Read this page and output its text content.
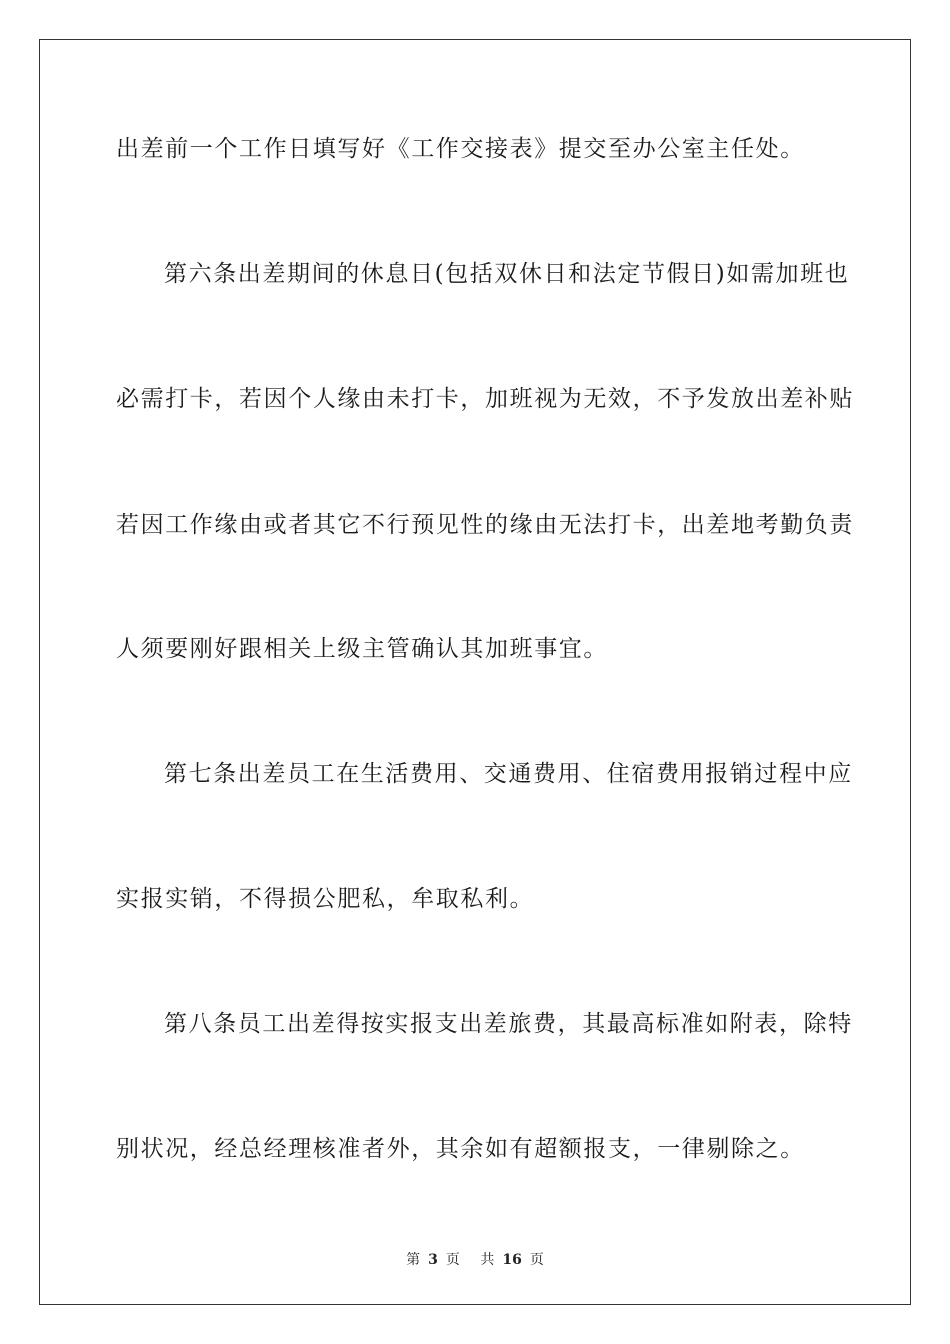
出差前一个工作日填写好《工作交接表》提交至办公室主任处。
第六条出差期间的休息日(包括双休日和法定节假日)如需加班也
必需打卡，若因个人缘由未打卡，加班视为无效，不予发放出差补贴
若因工作缘由或者其它不行预见性的缘由无法打卡，出差地考勤负责
人须要刚好跟相关上级主管确认其加班事宜。
第七条出差员工在生活费用、交通费用、住宿费用报销过程中应
实报实销，不得损公肥私，牟取私利。
第八条员工出差得按实报支出差旅费，其最高标准如附表，除特
别状况，经总经理核准者外，其余如有超额报支，一律剔除之。
第 3 页 共 16 页
